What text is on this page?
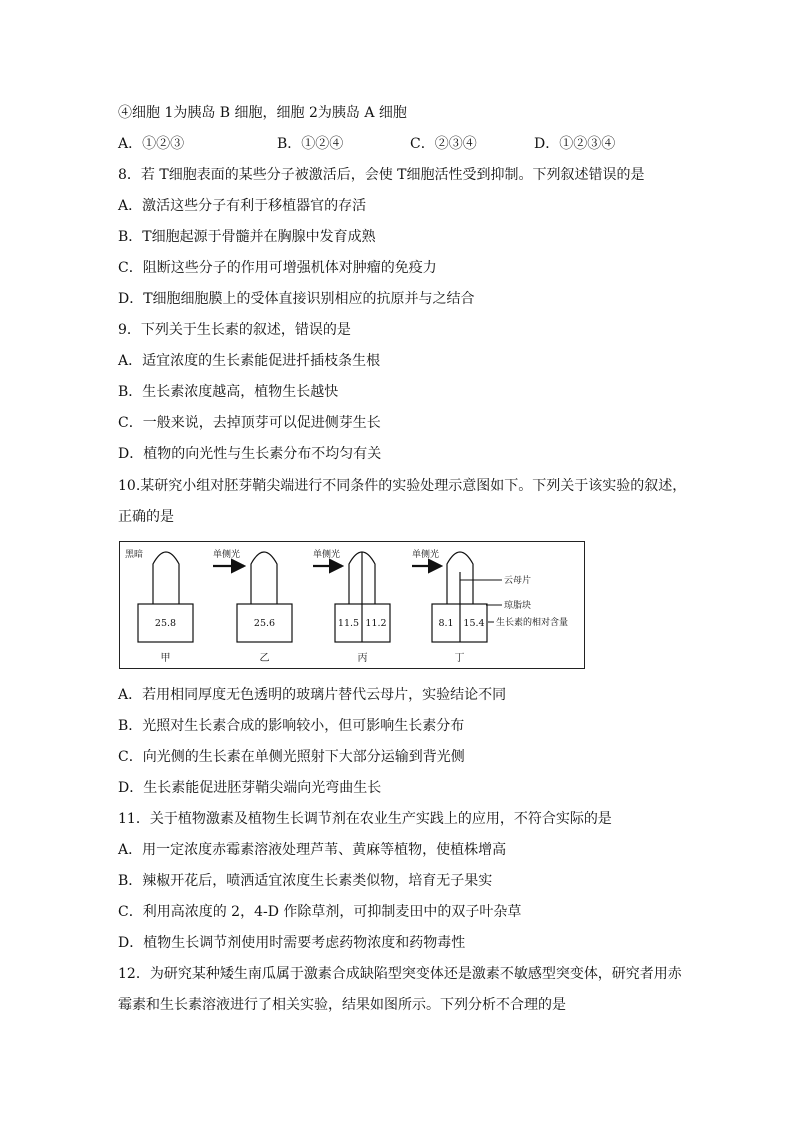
④细胞 1为胰岛 B 细胞，细胞 2为胰岛 A 细胞
A．①②③	B．①②④	C．②③④	D．①②③④
8．若 T细胞表面的某些分子被激活后，会使 T细胞活性受到抑制。下列叙述错误的是
A．激活这些分子有利于移植器官的存活
B．T细胞起源于骨髓并在胸腺中发育成熟
C．阻断这些分子的作用可增强机体对肿瘤的免疫力
D．T细胞细胞膜上的受体直接识别相应的抗原并与之结合
9．下列关于生长素的叙述，错误的是
A．适宜浓度的生长素能促进扦插枝条生根
B．生长素浓度越高，植物生长越快
C．一般来说，去掉顶芽可以促进侧芽生长
D．植物的向光性与生长素分布不均匀有关
10.某研究小组对胚芽鞘尖端进行不同条件的实验处理示意图如下。下列关于该实验的叙述，
正确的是
黑暗
25.8
甲
单侧光
25.6
乙
单侧光
11.5 11.2
丙
单侧光
8.1 15.4
丁
云母片
琼脂块
生长素的相对含量
A．若用相同厚度无色透明的玻璃片替代云母片，实验结论不同
B．光照对生长素合成的影响较小，但可影响生长素分布
C．向光侧的生长素在单侧光照射下大部分运输到背光侧
D．生长素能促进胚芽鞘尖端向光弯曲生长
11．关于植物激素及植物生长调节剂在农业生产实践上的应用，不符合实际的是
A．用一定浓度赤霉素溶液处理芦苇、黄麻等植物，使植株增高
B．辣椒开花后，喷洒适宜浓度生长素类似物，培育无子果实
C．利用高浓度的 2，4-D 作除草剂，可抑制麦田中的双子叶杂草
D．植物生长调节剂使用时需要考虑药物浓度和药物毒性
12．为研究某种矮生南瓜属于激素合成缺陷型突变体还是激素不敏感型突变体，研究者用赤
霉素和生长素溶液进行了相关实验，结果如图所示。下列分析不合理的是
